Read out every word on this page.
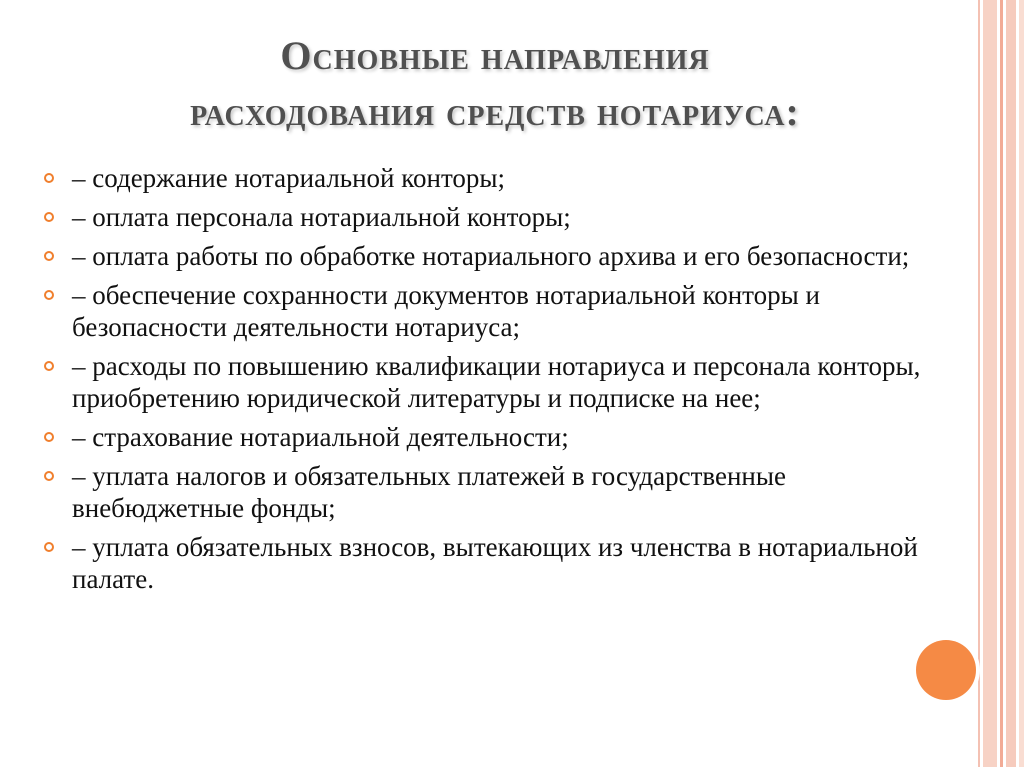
Основные направления
расходования средств нотариуса:
– содержание нотариальной конторы;
– оплата персонала нотариальной конторы;
– оплата работы по обработке нотариального архива и его безопасности;
– обеспечение сохранности документов нотариальной конторы и безопасности деятельности нотариуса;
– расходы по повышению квалификации нотариуса и персонала конторы, приобретению юридической литературы и подписке на нее;
– страхование нотариальной деятельности;
– уплата налогов и обязательных платежей в государственные внебюджетные фонды;
– уплата обязательных взносов, вытекающих из членства в нотариальной палате.
